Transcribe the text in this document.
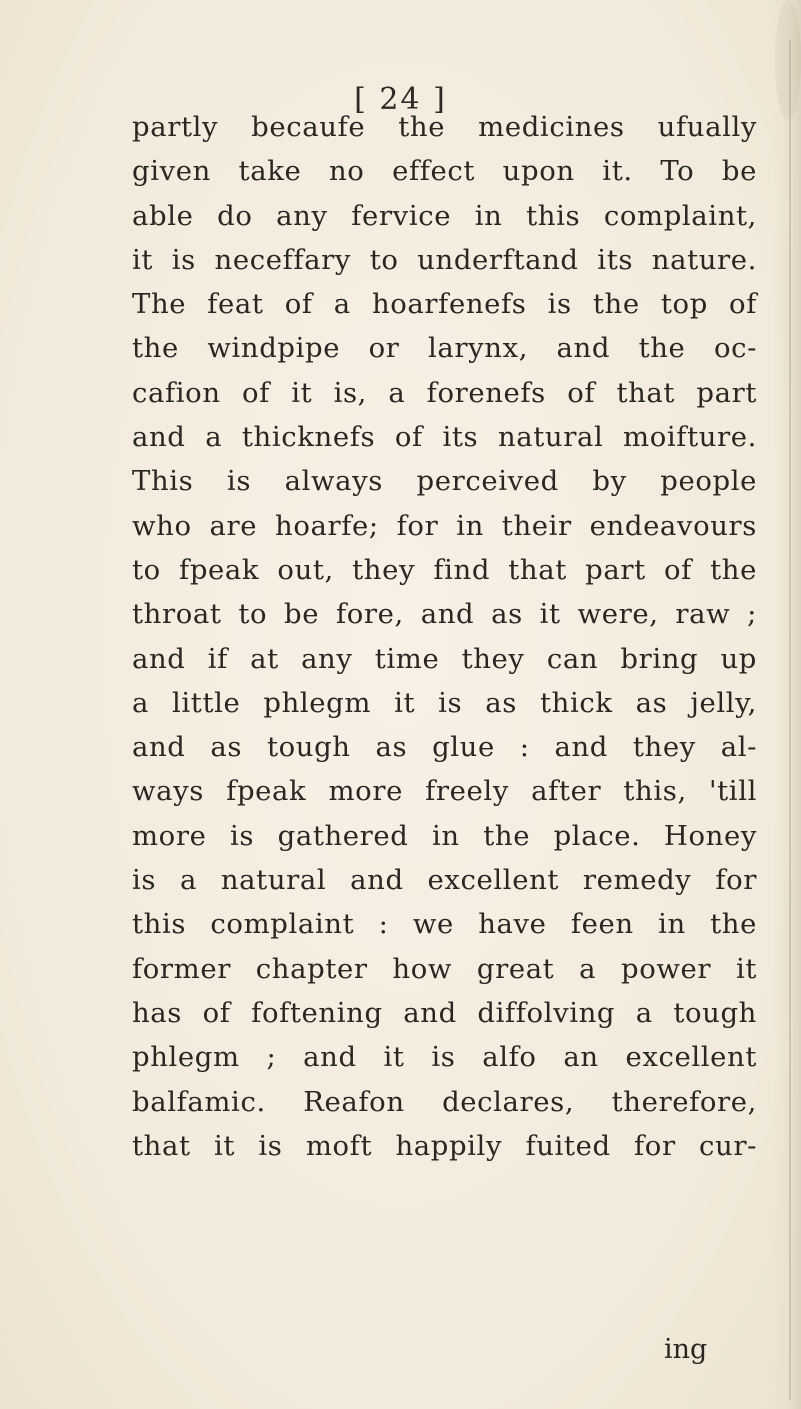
[ 24 ]
partly becaufe the medicines ufually
given take no effect upon it. To be
able do any fervice in this complaint,
it is neceffary to underftand its nature.
The feat of a hoarfenefs is the top of
the windpipe or larynx, and the oc-
cafion of it is, a forenefs of that part
and a thicknefs of its natural moifture.
This is always perceived by people
who are hoarfe; for in their endeavours
to fpeak out, they find that part of the
throat to be fore, and as it were, raw ;
and if at any time they can bring up
a little phlegm it is as thick as jelly,
and as tough as glue : and they al-
ways fpeak more freely after this, 'till
more is gathered in the place. Honey
is a natural and excellent remedy for
this complaint : we have feen in the
former chapter how great a power it
has of foftening and diffolving a tough
phlegm ; and it is alfo an excellent
balfamic. Reafon declares, therefore,
that it is moft happily fuited for cur-
ing
